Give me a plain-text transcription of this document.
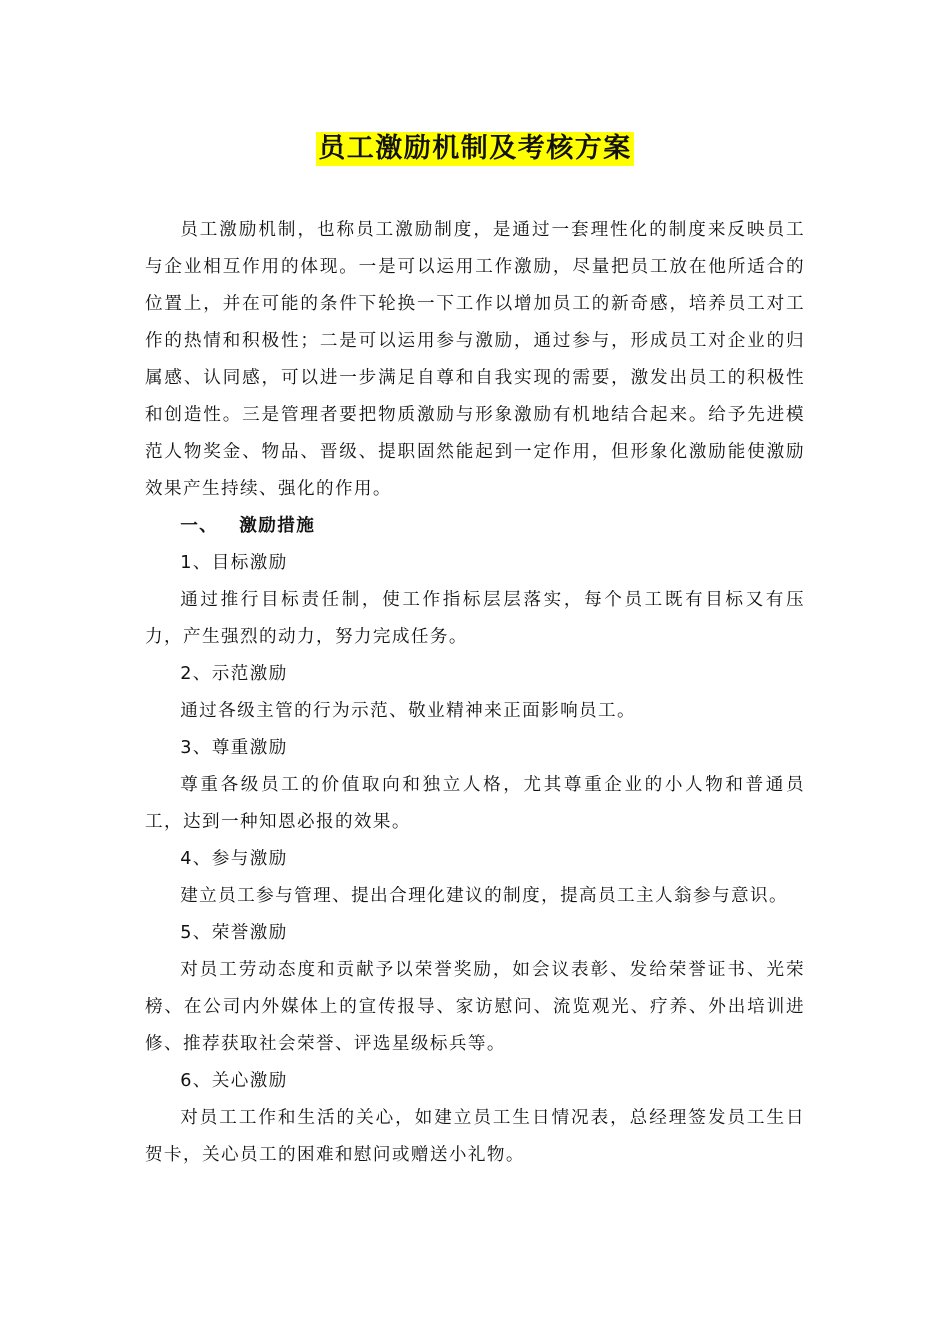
员工激励机制及考核方案

员工激励机制，也称员工激励制度，是通过一套理性化的制度来反映员工与企业相互作用的体现。一是可以运用工作激励，尽量把员工放在他所适合的位置上，并在可能的条件下轮换一下工作以增加员工的新奇感，培养员工对工作的热情和积极性；二是可以运用参与激励，通过参与，形成员工对企业的归属感、认同感，可以进一步满足自尊和自我实现的需要，激发出员工的积极性和创造性。三是管理者要把物质激励与形象激励有机地结合起来。给予先进模范人物奖金、物品、晋级、提职固然能起到一定作用，但形象化激励能使激励效果产生持续、强化的作用。

一、 激励措施

1、目标激励

通过推行目标责任制，使工作指标层层落实，每个员工既有目标又有压力，产生强烈的动力，努力完成任务。

2、示范激励

通过各级主管的行为示范、敬业精神来正面影响员工。

3、尊重激励

尊重各级员工的价值取向和独立人格，尤其尊重企业的小人物和普通员工，达到一种知恩必报的效果。

4、参与激励

建立员工参与管理、提出合理化建议的制度，提高员工主人翁参与意识。

5、荣誉激励

对员工劳动态度和贡献予以荣誉奖励，如会议表彰、发给荣誉证书、光荣榜、在公司内外媒体上的宣传报导、家访慰问、流览观光、疗养、外出培训进修、推荐获取社会荣誉、评选星级标兵等。

6、关心激励

对员工工作和生活的关心，如建立员工生日情况表，总经理签发员工生日贺卡，关心员工的困难和慰问或赠送小礼物。
